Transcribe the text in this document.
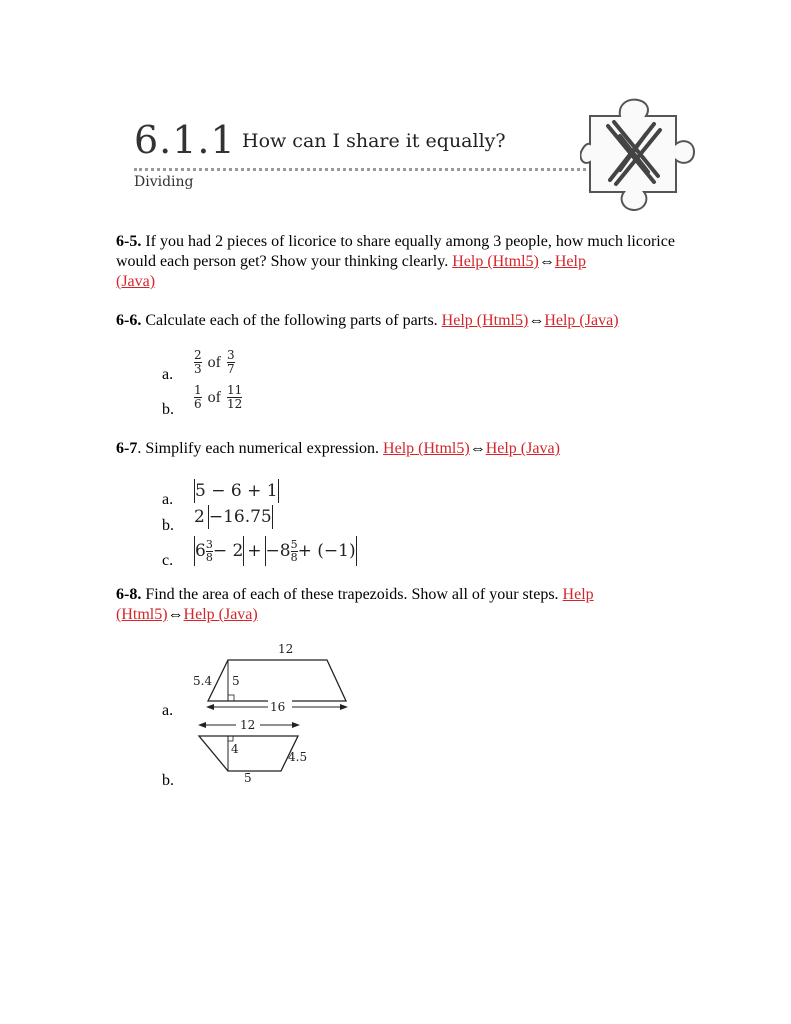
6.1.1 How can I share it equally?
Dividing
6-5. If you had 2 pieces of licorice to share equally among 3 people, how much licorice would each person get? Show your thinking clearly. Help (Html5)⇔Help
(Java)
6-6. Calculate each of the following parts of parts. Help (Html5)⇔Help (Java)
a. $\frac{2}{3}$ of $\frac{3}{7}$
b. $\frac{1}{6}$ of $\frac{11}{12}$
6-7. Simplify each numerical expression. Help (Html5)⇔Help (Java)
a. 5 − 6 + 1
b. 2 −16.75
c. $6\frac{3}{8}- 2 + -8\frac{5}{8}+ (-1)$
6-8. Find the area of each of these trapezoids. Show all of your steps. Help
(Html5)⇔Help (Java)
a.
12
5.4 5
16
b.
12
4
4.5
5
